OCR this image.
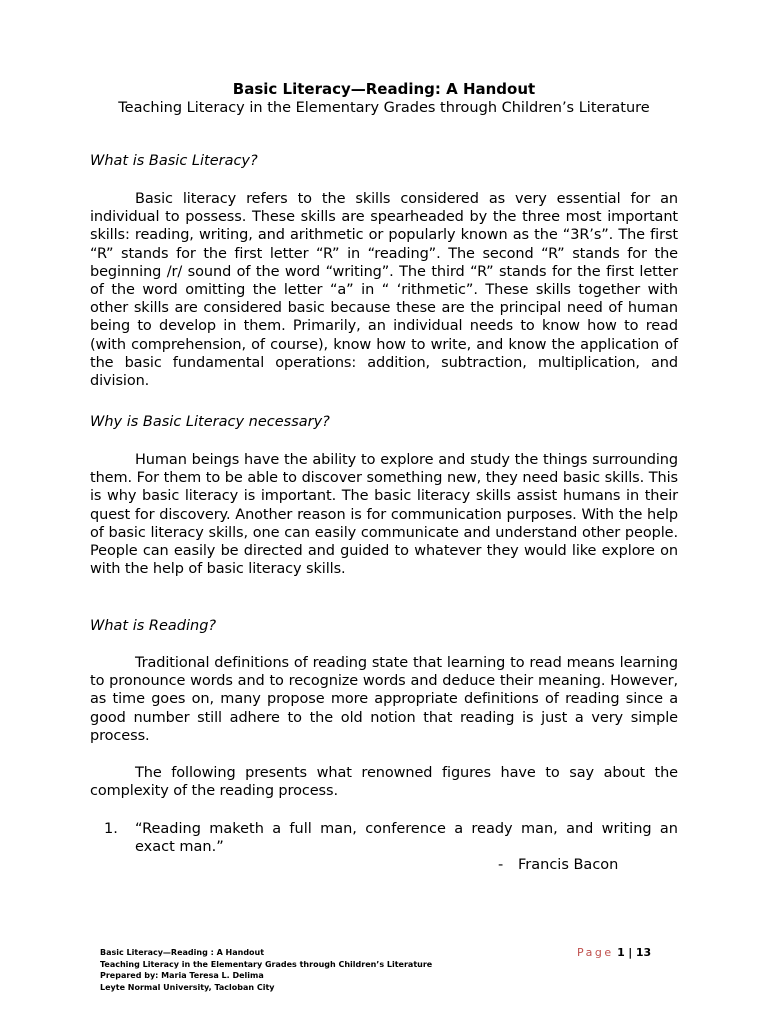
Basic Literacy—Reading: A Handout

Teaching Literacy in the Elementary Grades through Children’s Literature

What is Basic Literacy?

Basic literacy refers to the skills considered as very essential for an individual to possess. These skills are spearheaded by the three most important skills: reading, writing, and arithmetic or popularly known as the “3R’s”. The first “R” stands for the first letter “R” in “reading”. The second “R” stands for the beginning /r/ sound of the word “writing”. The third “R” stands for the first letter of the word omitting the letter “a” in “ ‘rithmetic”. These skills together with other skills are considered basic because these are the principal need of human being to develop in them. Primarily, an individual needs to know how to read (with comprehension, of course), know how to write, and know the application of the basic fundamental operations: addition, subtraction, multiplication, and division.

Why is Basic Literacy necessary?

Human beings have the ability to explore and study the things surrounding them. For them to be able to discover something new, they need basic skills. This is why basic literacy is important. The basic literacy skills assist humans in their quest for discovery. Another reason is for communication purposes. With the help of basic literacy skills, one can easily communicate and understand other people. People can easily be directed and guided to whatever they would like explore on with the help of basic literacy skills.

What is Reading?

Traditional definitions of reading state that learning to read means learning to pronounce words and to recognize words and deduce their meaning. However, as time goes on, many propose more appropriate definitions of reading since a good number still adhere to the old notion that reading is just a very simple process.

The following presents what renowned figures have to say about the complexity of the reading process.

1. “Reading maketh a full man, conference a ready man, and writing an exact man.”
- Francis Bacon
Basic Literacy—Reading : A Handout
Teaching Literacy in the Elementary Grades through Children’s Literature
Prepared by: Maria Teresa L. Delima
Leyte Normal University, Tacloban City
Page 1 | 13
